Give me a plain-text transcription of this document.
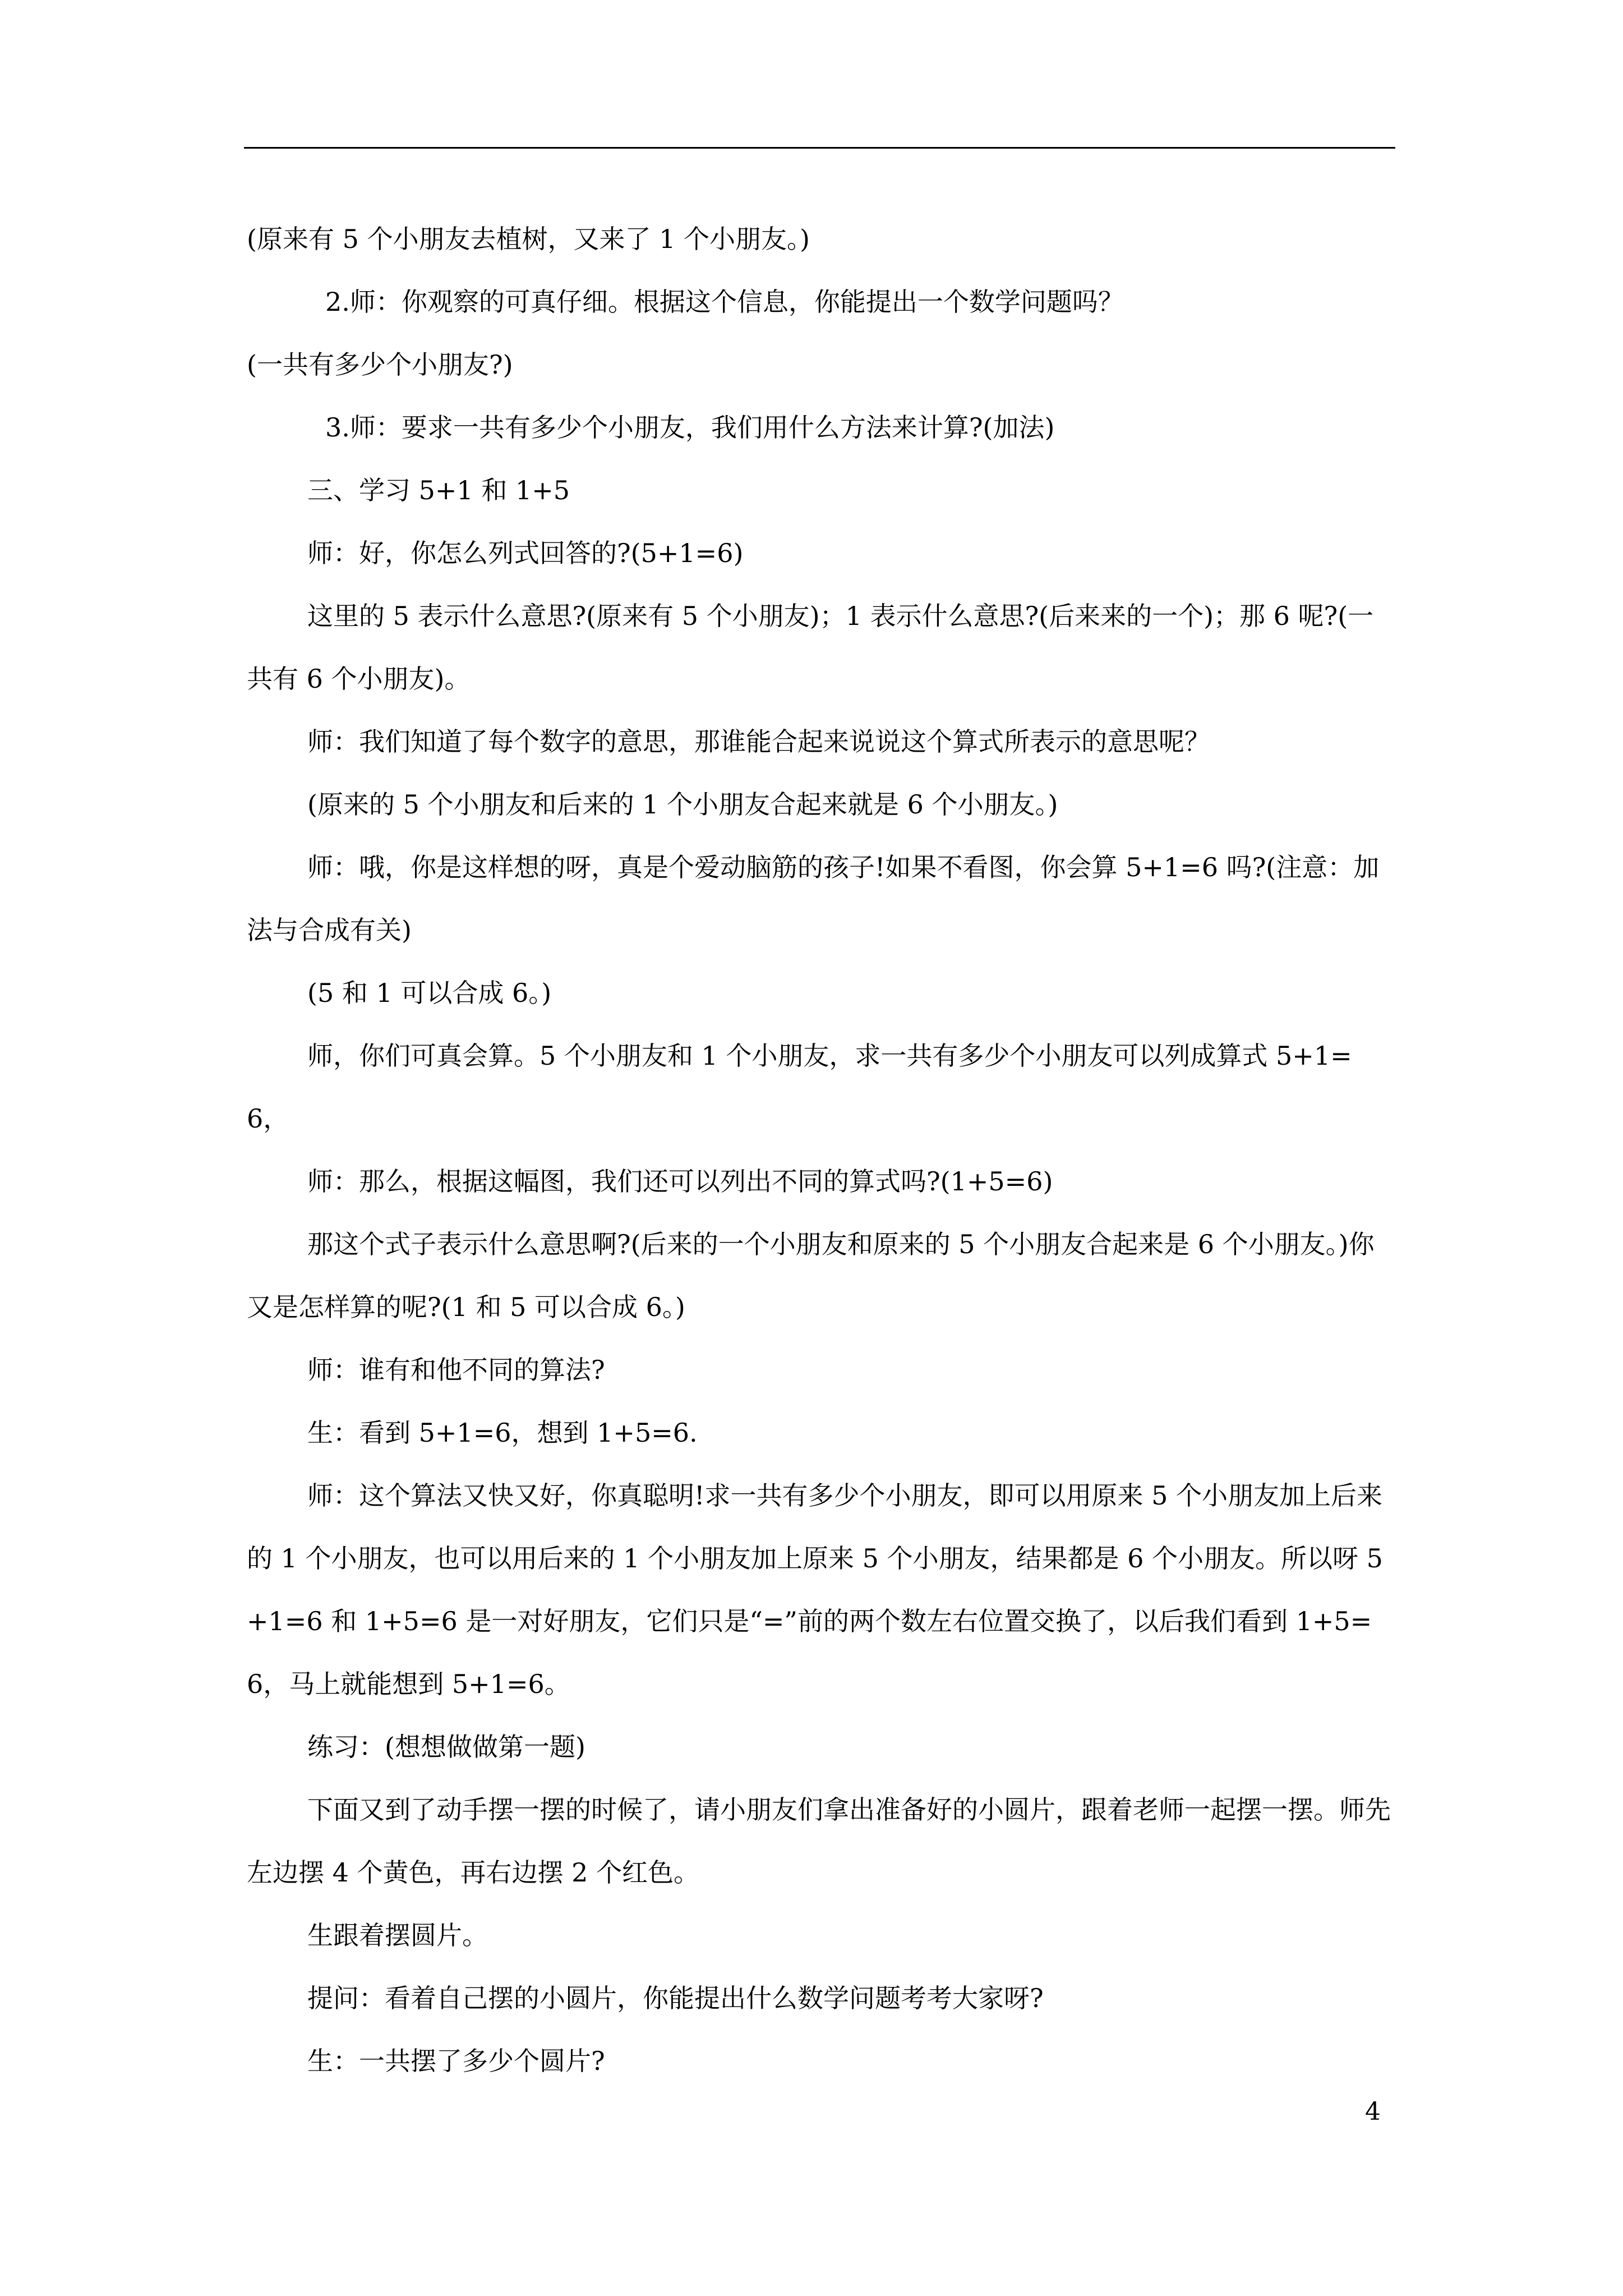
(原来有 5 个小朋友去植树，又来了 1 个小朋友。)

2.师：你观察的可真仔细。根据这个信息，你能提出一个数学问题吗？

(一共有多少个小朋友?)

3.师：要求一共有多少个小朋友，我们用什么方法来计算?(加法)

三、学习 5+1 和 1+5

师：好，你怎么列式回答的?(5+1=6)

这里的 5 表示什么意思?(原来有 5 个小朋友)；1 表示什么意思?(后来来的一个)；那 6 呢?(一共有 6 个小朋友)。

师：我们知道了每个数字的意思，那谁能合起来说说这个算式所表示的意思呢？

(原来的 5 个小朋友和后来的 1 个小朋友合起来就是 6 个小朋友。)

师：哦，你是这样想的呀，真是个爱动脑筋的孩子!如果不看图，你会算 5+1=6 吗?(注意：加法与合成有关)

(5 和 1 可以合成 6。)

师，你们可真会算。5 个小朋友和 1 个小朋友，求一共有多少个小朋友可以列成算式 5+1=6，

师：那么，根据这幅图，我们还可以列出不同的算式吗?(1+5=6)

那这个式子表示什么意思啊?(后来的一个小朋友和原来的 5 个小朋友合起来是 6 个小朋友。)你又是怎样算的呢?(1 和 5 可以合成 6。)

师：谁有和他不同的算法?

生：看到 5+1=6，想到 1+5=6.

师：这个算法又快又好，你真聪明!求一共有多少个小朋友，即可以用原来 5 个小朋友加上后来的 1 个小朋友，也可以用后来的 1 个小朋友加上原来 5 个小朋友，结果都是 6 个小朋友。所以呀 5+1=6 和 1+5=6 是一对好朋友，它们只是“=”前的两个数左右位置交换了，以后我们看到 1+5=6，马上就能想到 5+1=6。

练习：(想想做做第一题)

下面又到了动手摆一摆的时候了，请小朋友们拿出准备好的小圆片，跟着老师一起摆一摆。师先左边摆 4 个黄色，再右边摆 2 个红色。

生跟着摆圆片。

提问：看着自己摆的小圆片，你能提出什么数学问题考考大家呀?

生：一共摆了多少个圆片?

4
